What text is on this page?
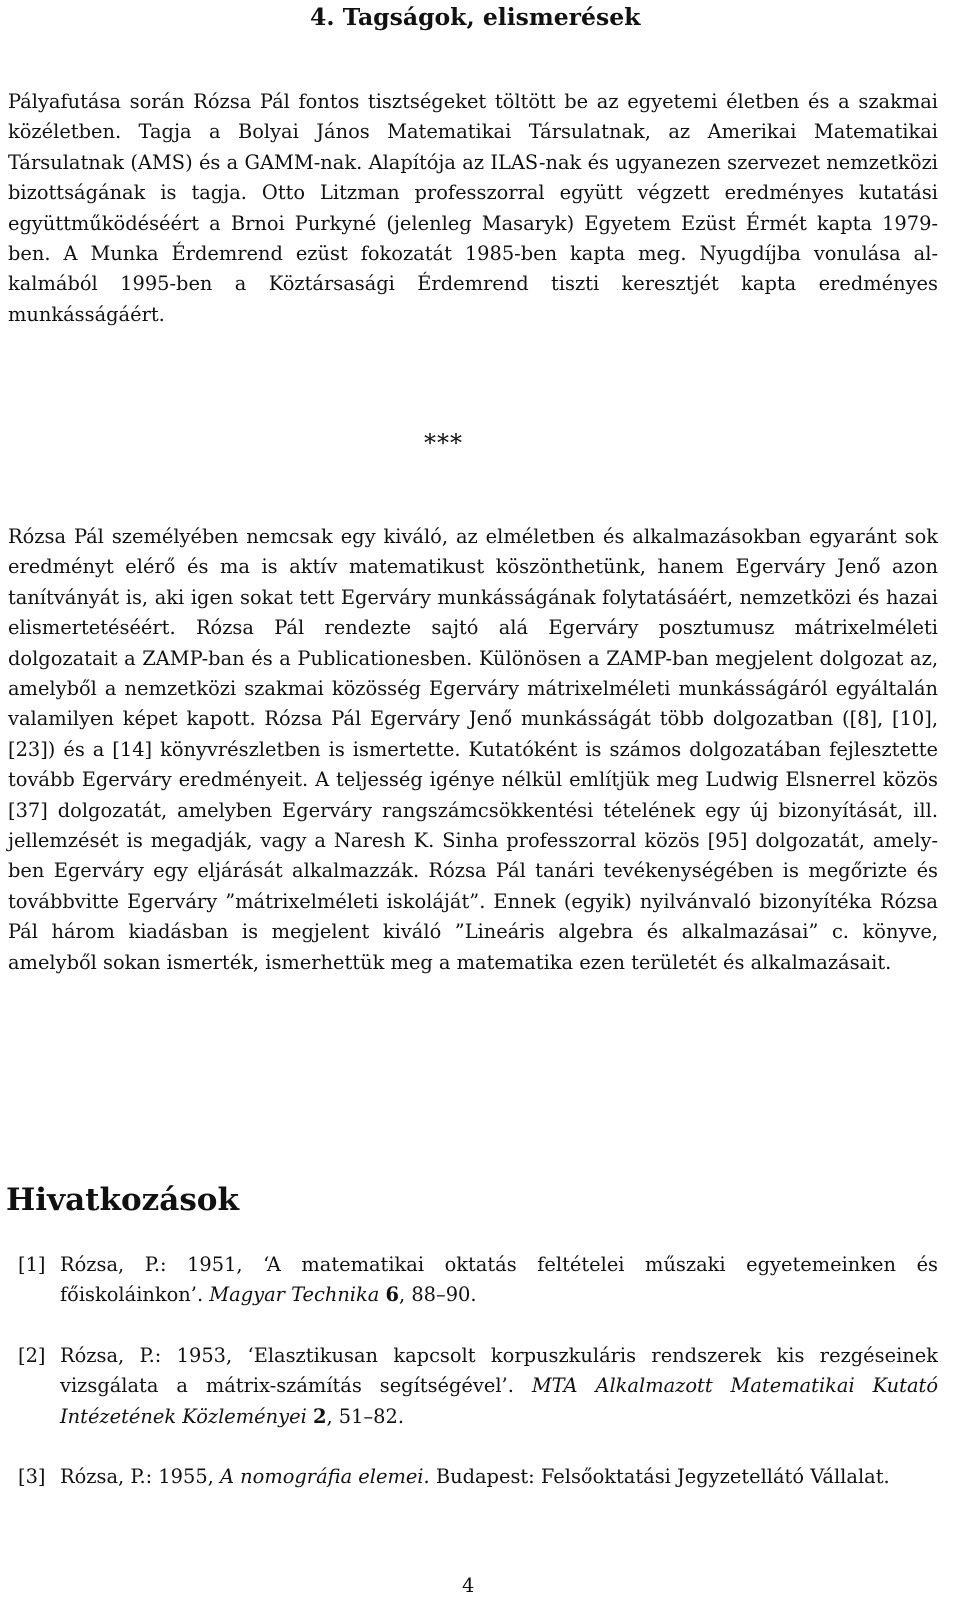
4. Tagságok, elismerések

Pályafutása során Rózsa Pál fontos tisztségeket töltött be az egyetemi életben és a szakmai közéletben. Tagja a Bolyai János Matematikai Társulatnak, az Amerikai Matematikai Társulatnak (AMS) és a GAMM-nak. Alapítója az ILAS-nak és ugyanezen szervezet nemzetközi bizottságának is tagja. Otto Litzman professzorral együtt végzett eredményes kutatási együttműködéséért a Brnoi Purkyné (jelenleg Masaryk) Egyetem Ezüst Érmét kapta 1979-ben. A Munka Érdemrend ezüst fokozatát 1985-ben kapta meg. Nyugdíjba vonulása alkalmából 1995-ben a Köztársasági Érdemrend tiszti keresztjét kapta eredményes munkásságáért.

***

Rózsa Pál személyében nemcsak egy kiváló, az elméletben és alkalmazásokban egyaránt sok eredményt elérő és ma is aktív matematikust köszönthetünk, hanem Egerváry Jenő azon tanítványát is, aki igen sokat tett Egerváry munkásságának folytatásáért, nemzetközi és hazai elismertetéséért. Rózsa Pál rendezte sajtó alá Egerváry posztumusz mátrixelméleti dolgozatait a ZAMP-ban és a Publicationesben. Különösen a ZAMP-ban megjelent dolgozat az, amelyből a nemzetközi szakmai közösség Egerváry mátrixelméleti munkásságáról egyáltalán valamilyen képet kapott. Rózsa Pál Egerváry Jenő munkásságát több dolgozatban ([8], [10], [23]) és a [14] könyvrészletben is ismertette. Kutatóként is számos dolgozatában fejlesztette tovább Egerváry eredményeit. A teljesség igénye nélkül említjük meg Ludwig Elsnerrel közös [37] dolgozatát, amelyben Egerváry rangszámcsökkentési tételének egy új bizonyítását, ill. jellemzését is megadják, vagy a Naresh K. Sinha professzorral közös [95] dolgozatát, amelyben Egerváry egy eljárását alkalmazzák. Rózsa Pál tanári tevékenységében is megőrizte és továbbvitte Egerváry ”mátrixelméleti iskoláját”. Ennek (egyik) nyilvánvaló bizonyítéka Rózsa Pál három kiadásban is megjelent kiváló ”Lineáris algebra és alkalmazásai” c. könyve, amelyből sokan ismerték, ismerhettük meg a matematika ezen területét és alkalmazásait.

Hivatkozások
[1] Rózsa, P.: 1951, ‘A matematikai oktatás feltételei műszaki egyetemeinken és főiskoláinkon’. Magyar Technika 6, 88–90.
[2] Rózsa, P.: 1953, ‘Elasztikusan kapcsolt korpuszkuláris rendszerek kis rezgéseinek vizsgálata a mátrix-számítás segítségével’. MTA Alkalmazott Matematikai Kutató Intézetének Közleményei 2, 51–82.
[3] Rózsa, P.: 1955, A nomográfia elemei. Budapest: Felsőoktatási Jegyzetellátó Vállalat.

4
